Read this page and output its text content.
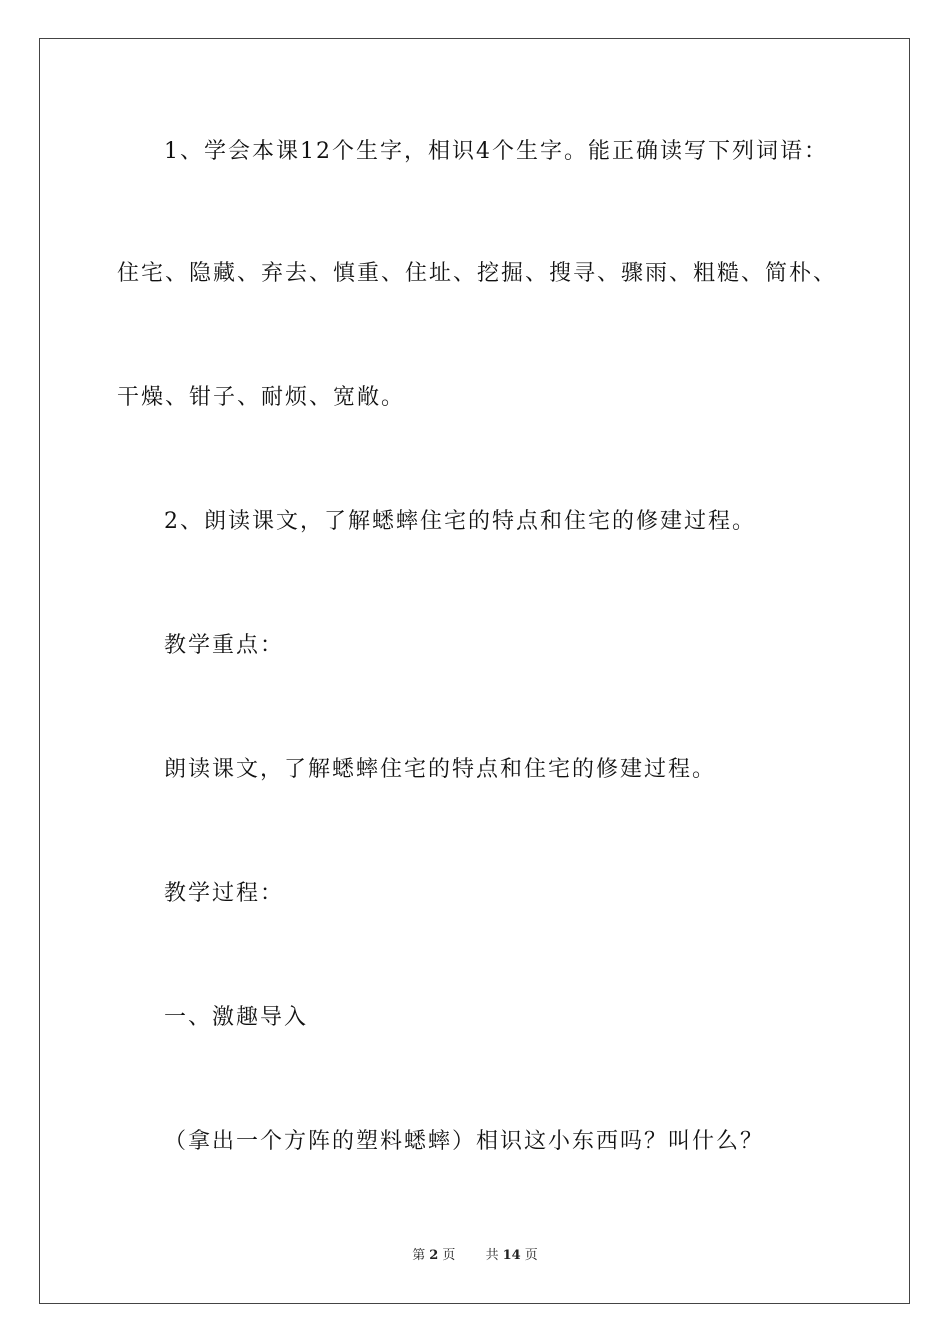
1、学会本课12个生字，相识4个生字。能正确读写下列词语：
住宅、隐藏、弃去、慎重、住址、挖掘、搜寻、骤雨、粗糙、简朴、
干燥、钳子、耐烦、宽敞。
2、朗读课文，了解蟋蟀住宅的特点和住宅的修建过程。
教学重点：
朗读课文，了解蟋蟀住宅的特点和住宅的修建过程。
教学过程：
一、激趣导入
（拿出一个方阵的塑料蟋蟀）相识这小东西吗？叫什么？
第 2 页 共 14 页
